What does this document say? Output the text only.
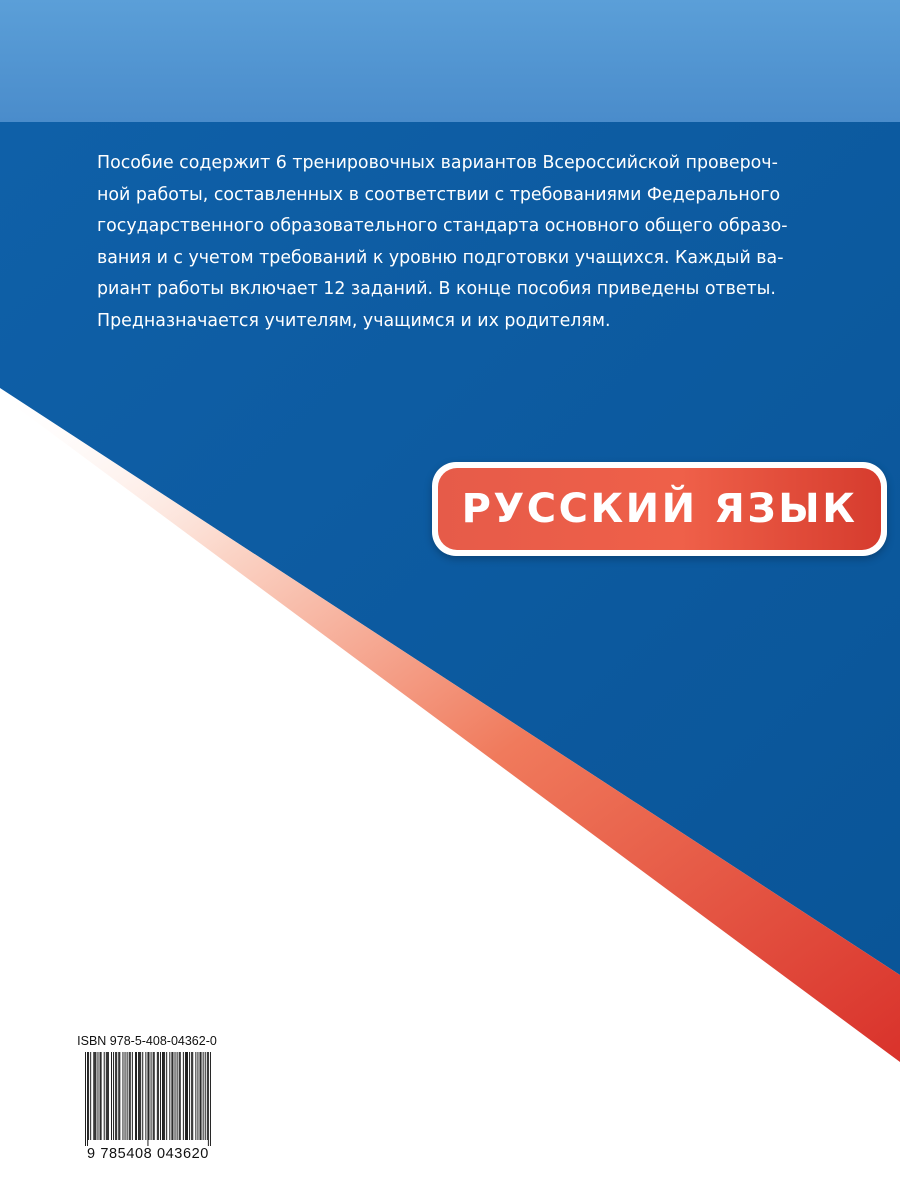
Пособие содержит 6 тренировочных вариантов Всероссийской провероч-
ной работы, составленных в соответствии с требованиями Федерального
государственного образовательного стандарта основного общего образо-
вания и с учетом требований к уровню подготовки учащихся. Каждый ва-
риант работы включает 12 заданий. В конце пособия приведены ответы.

Предназначается учителям, учащимся и их родителям.

РУССКИЙ ЯЗЫК
ISBN 978-5-408-04362-0
9 785408 043620
